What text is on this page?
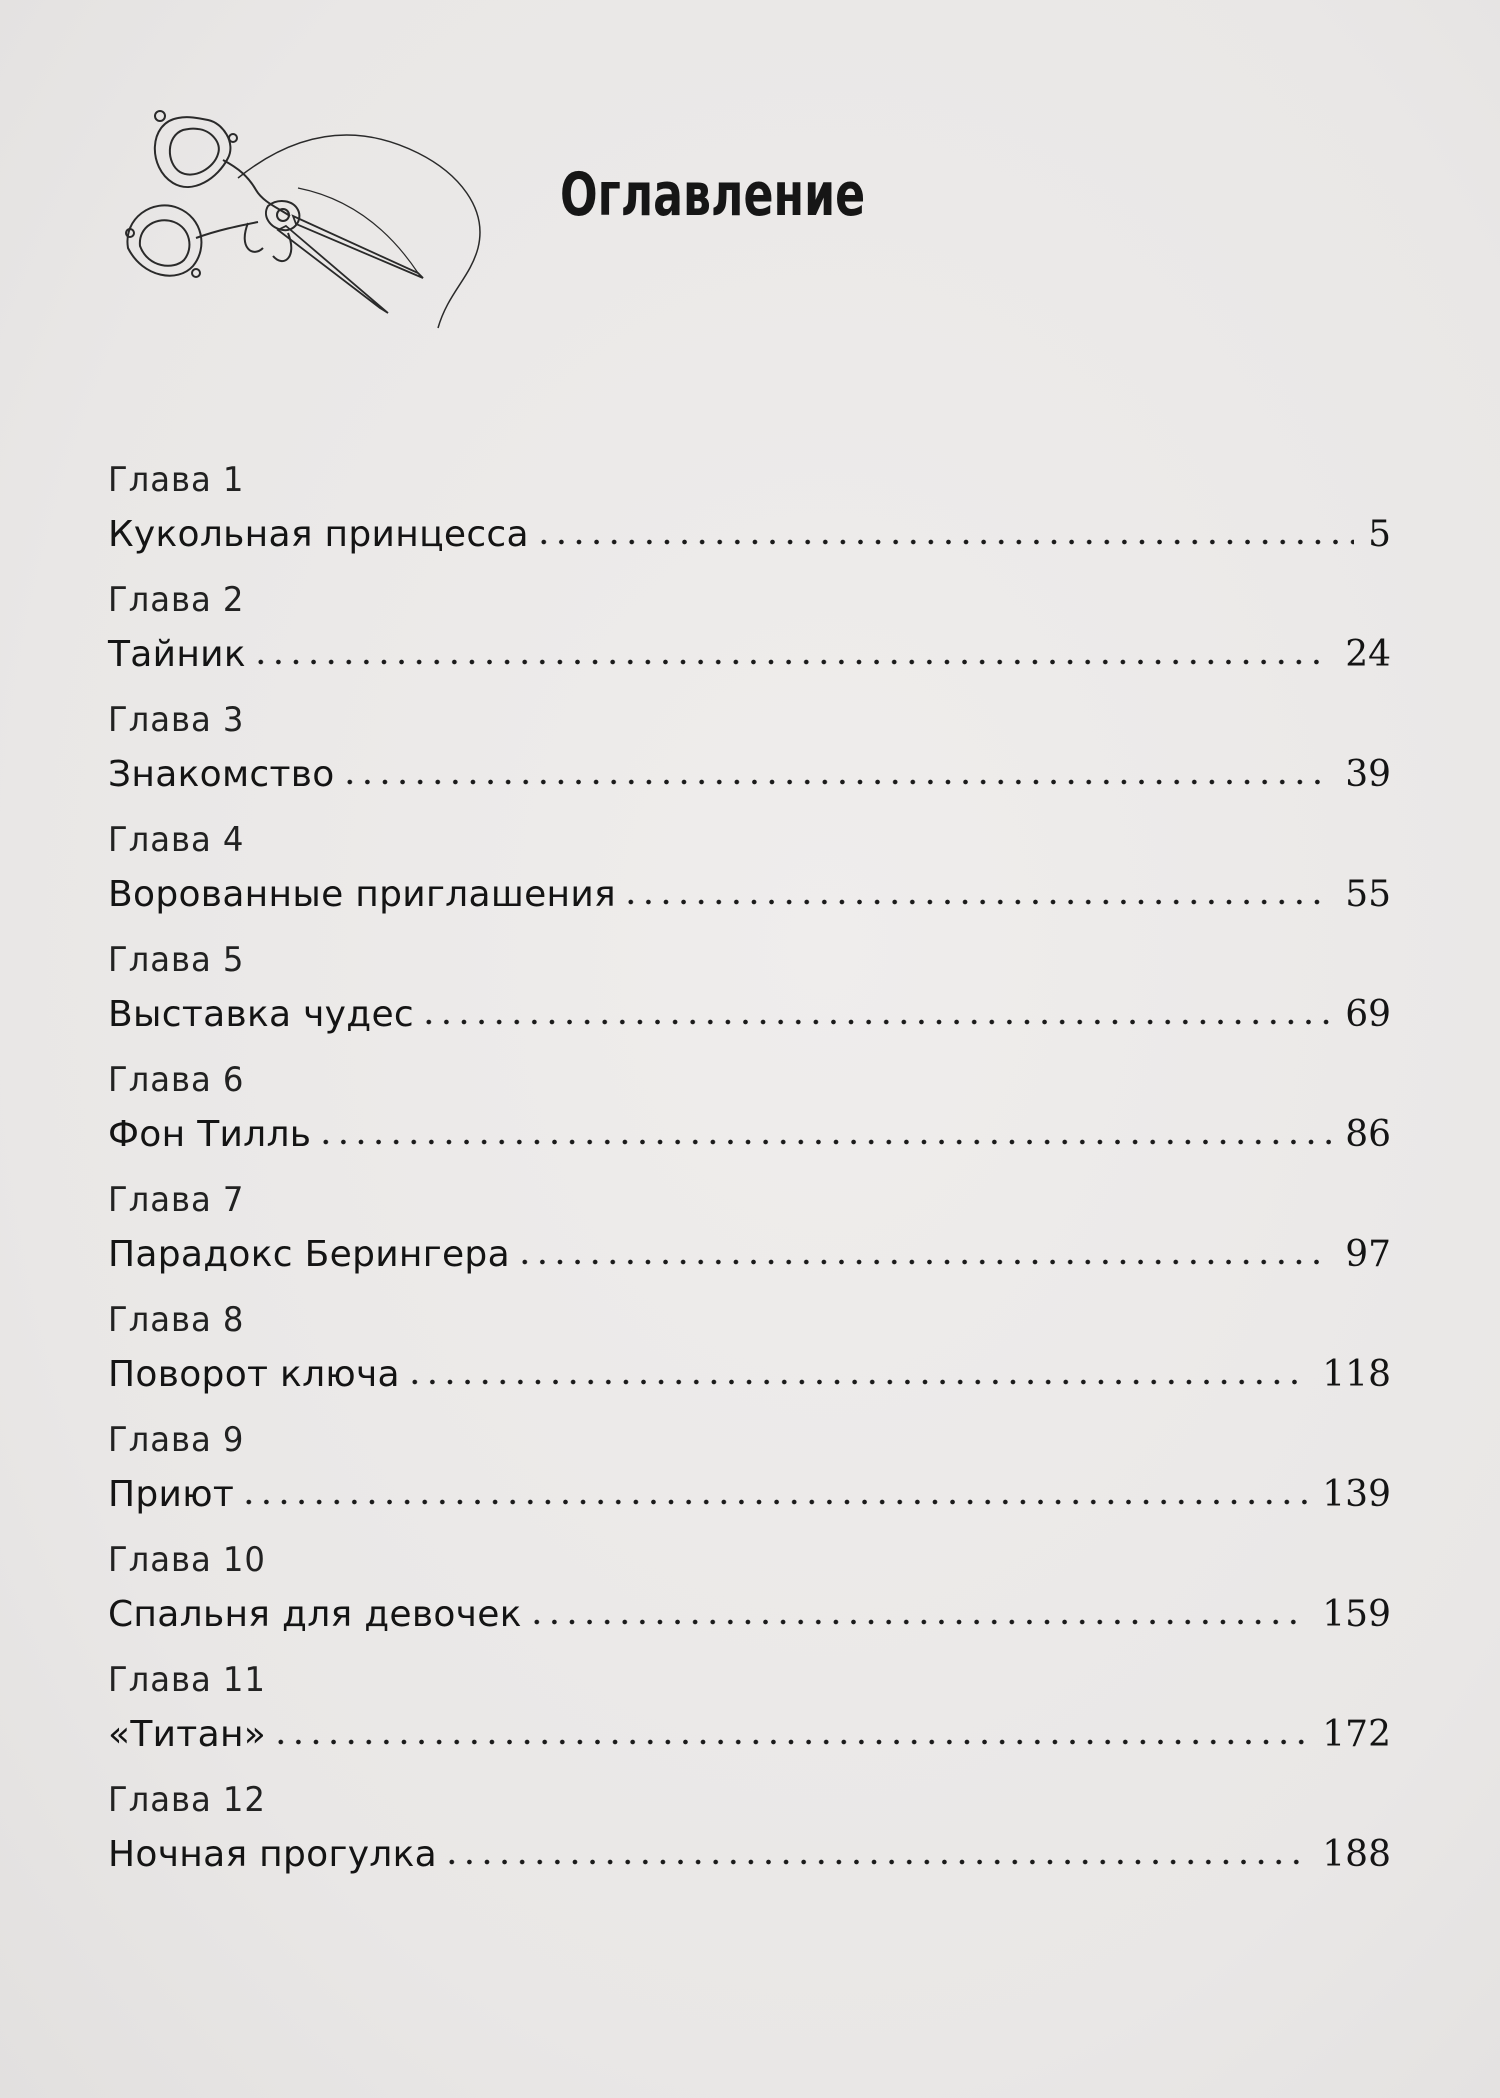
Оглавление
Глава 1
Кукольная принцесса	5
Глава 2
Тайник	24
Глава 3
Знакомство	39
Глава 4
Ворованные приглашения	55
Глава 5
Выставка чудес	69
Глава 6
Фон Тилль	86
Глава 7
Парадокс Берингера	97
Глава 8
Поворот ключа	118
Глава 9
Приют	139
Глава 10
Спальня для девочек	159
Глава 11
«Титан»	172
Глава 12
Ночная прогулка	188
